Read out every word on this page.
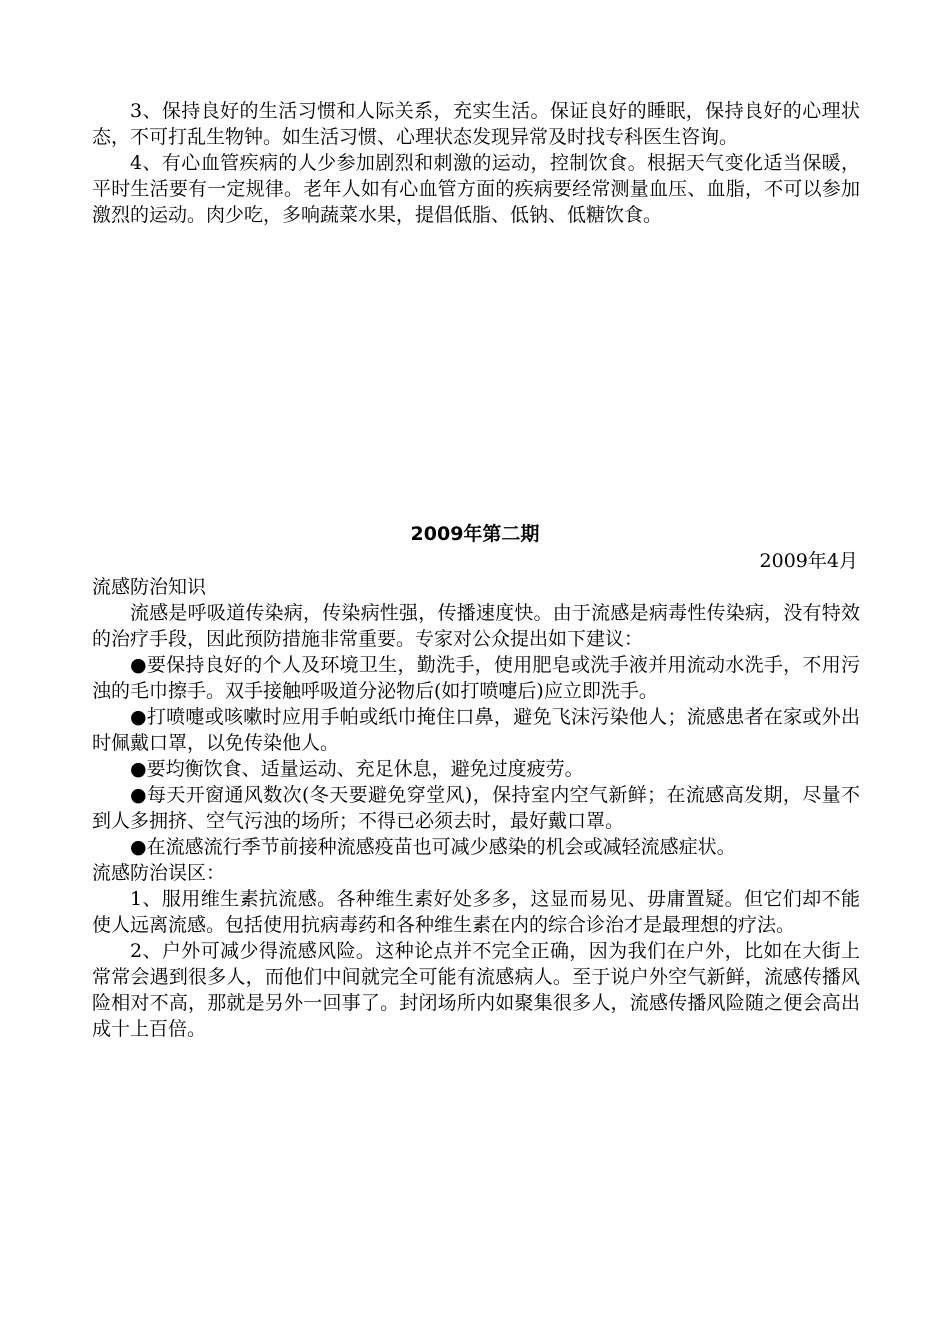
3、保持良好的生活习惯和人际关系，充实生活。保证良好的睡眠，保持良好的心理状态，不可打乱生物钟。如生活习惯、心理状态发现异常及时找专科医生咨询。

4、有心血管疾病的人少参加剧烈和刺激的运动，控制饮食。根据天气变化适当保暖，平时生活要有一定规律。老年人如有心血管方面的疾病要经常测量血压、血脂，不可以参加激烈的运动。肉少吃，多响蔬菜水果，提倡低脂、低钠、低糖饮食。

2009年第二期
2009年4月

流感防治知识

流感是呼吸道传染病，传染病性强，传播速度快。由于流感是病毒性传染病，没有特效的治疗手段，因此预防措施非常重要。专家对公众提出如下建议：

●要保持良好的个人及环境卫生，勤洗手，使用肥皂或洗手液并用流动水洗手，不用污浊的毛巾擦手。双手接触呼吸道分泌物后(如打喷嚏后)应立即洗手。

●打喷嚏或咳嗽时应用手帕或纸巾掩住口鼻，避免飞沫污染他人；流感患者在家或外出时佩戴口罩，以免传染他人。

●要均衡饮食、适量运动、充足休息，避免过度疲劳。

●每天开窗通风数次(冬天要避免穿堂风)，保持室内空气新鲜；在流感高发期，尽量不到人多拥挤、空气污浊的场所；不得已必须去时，最好戴口罩。

●在流感流行季节前接种流感疫苗也可减少感染的机会或减轻流感症状。

流感防治误区：

1、服用维生素抗流感。各种维生素好处多多，这显而易见、毋庸置疑。但它们却不能使人远离流感。包括使用抗病毒药和各种维生素在内的综合诊治才是最理想的疗法。

2、户外可减少得流感风险。这种论点并不完全正确，因为我们在户外，比如在大街上常常会遇到很多人，而他们中间就完全可能有流感病人。至于说户外空气新鲜，流感传播风险相对不高，那就是另外一回事了。封闭场所内如聚集很多人，流感传播风险随之便会高出成十上百倍。
